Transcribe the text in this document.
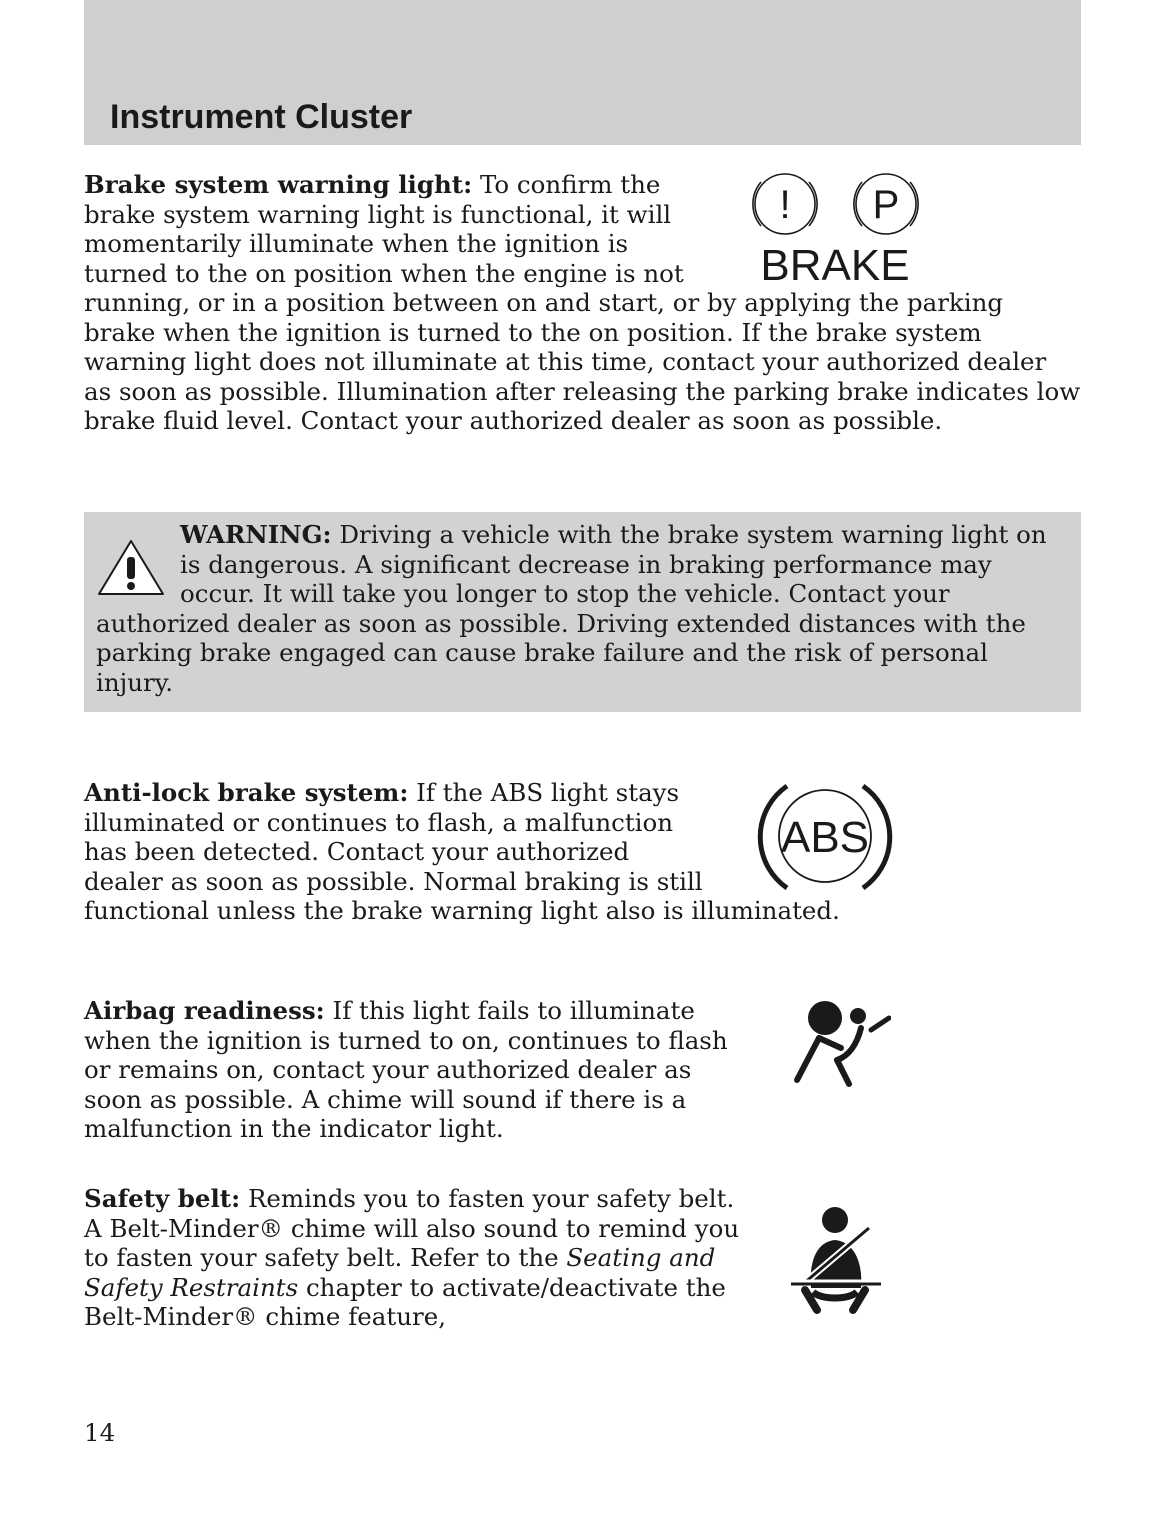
Instrument Cluster
! P
BRAKE

Brake system warning light: To confirm the brake system warning light is functional, it will momentarily illuminate when the ignition is turned to the on position when the engine is not running, or in a position between on and start, or by applying the parking brake when the ignition is turned to the on position. If the brake system warning light does not illuminate at this time, contact your authorized dealer as soon as possible. Illumination after releasing the parking brake indicates low brake fluid level. Contact your authorized dealer as soon as possible.

WARNING: Driving a vehicle with the brake system warning light on is dangerous. A significant decrease in braking performance may occur. It will take you longer to stop the vehicle. Contact your authorized dealer as soon as possible. Driving extended distances with the parking brake engaged can cause brake failure and the risk of personal injury.

ABS

Anti-lock brake system: If the ABS light stays illuminated or continues to flash, a malfunction has been detected. Contact your authorized dealer as soon as possible. Normal braking is still functional unless the brake warning light also is illuminated.

Airbag readiness: If this light fails to illuminate when the ignition is turned to on, continues to flash or remains on, contact your authorized dealer as soon as possible. A chime will sound if there is a malfunction in the indicator light.

Safety belt: Reminds you to fasten your safety belt. A Belt-Minder® chime will also sound to remind you to fasten your safety belt. Refer to the Seating and Safety Restraints chapter to activate/deactivate the Belt-Minder® chime feature,

14
